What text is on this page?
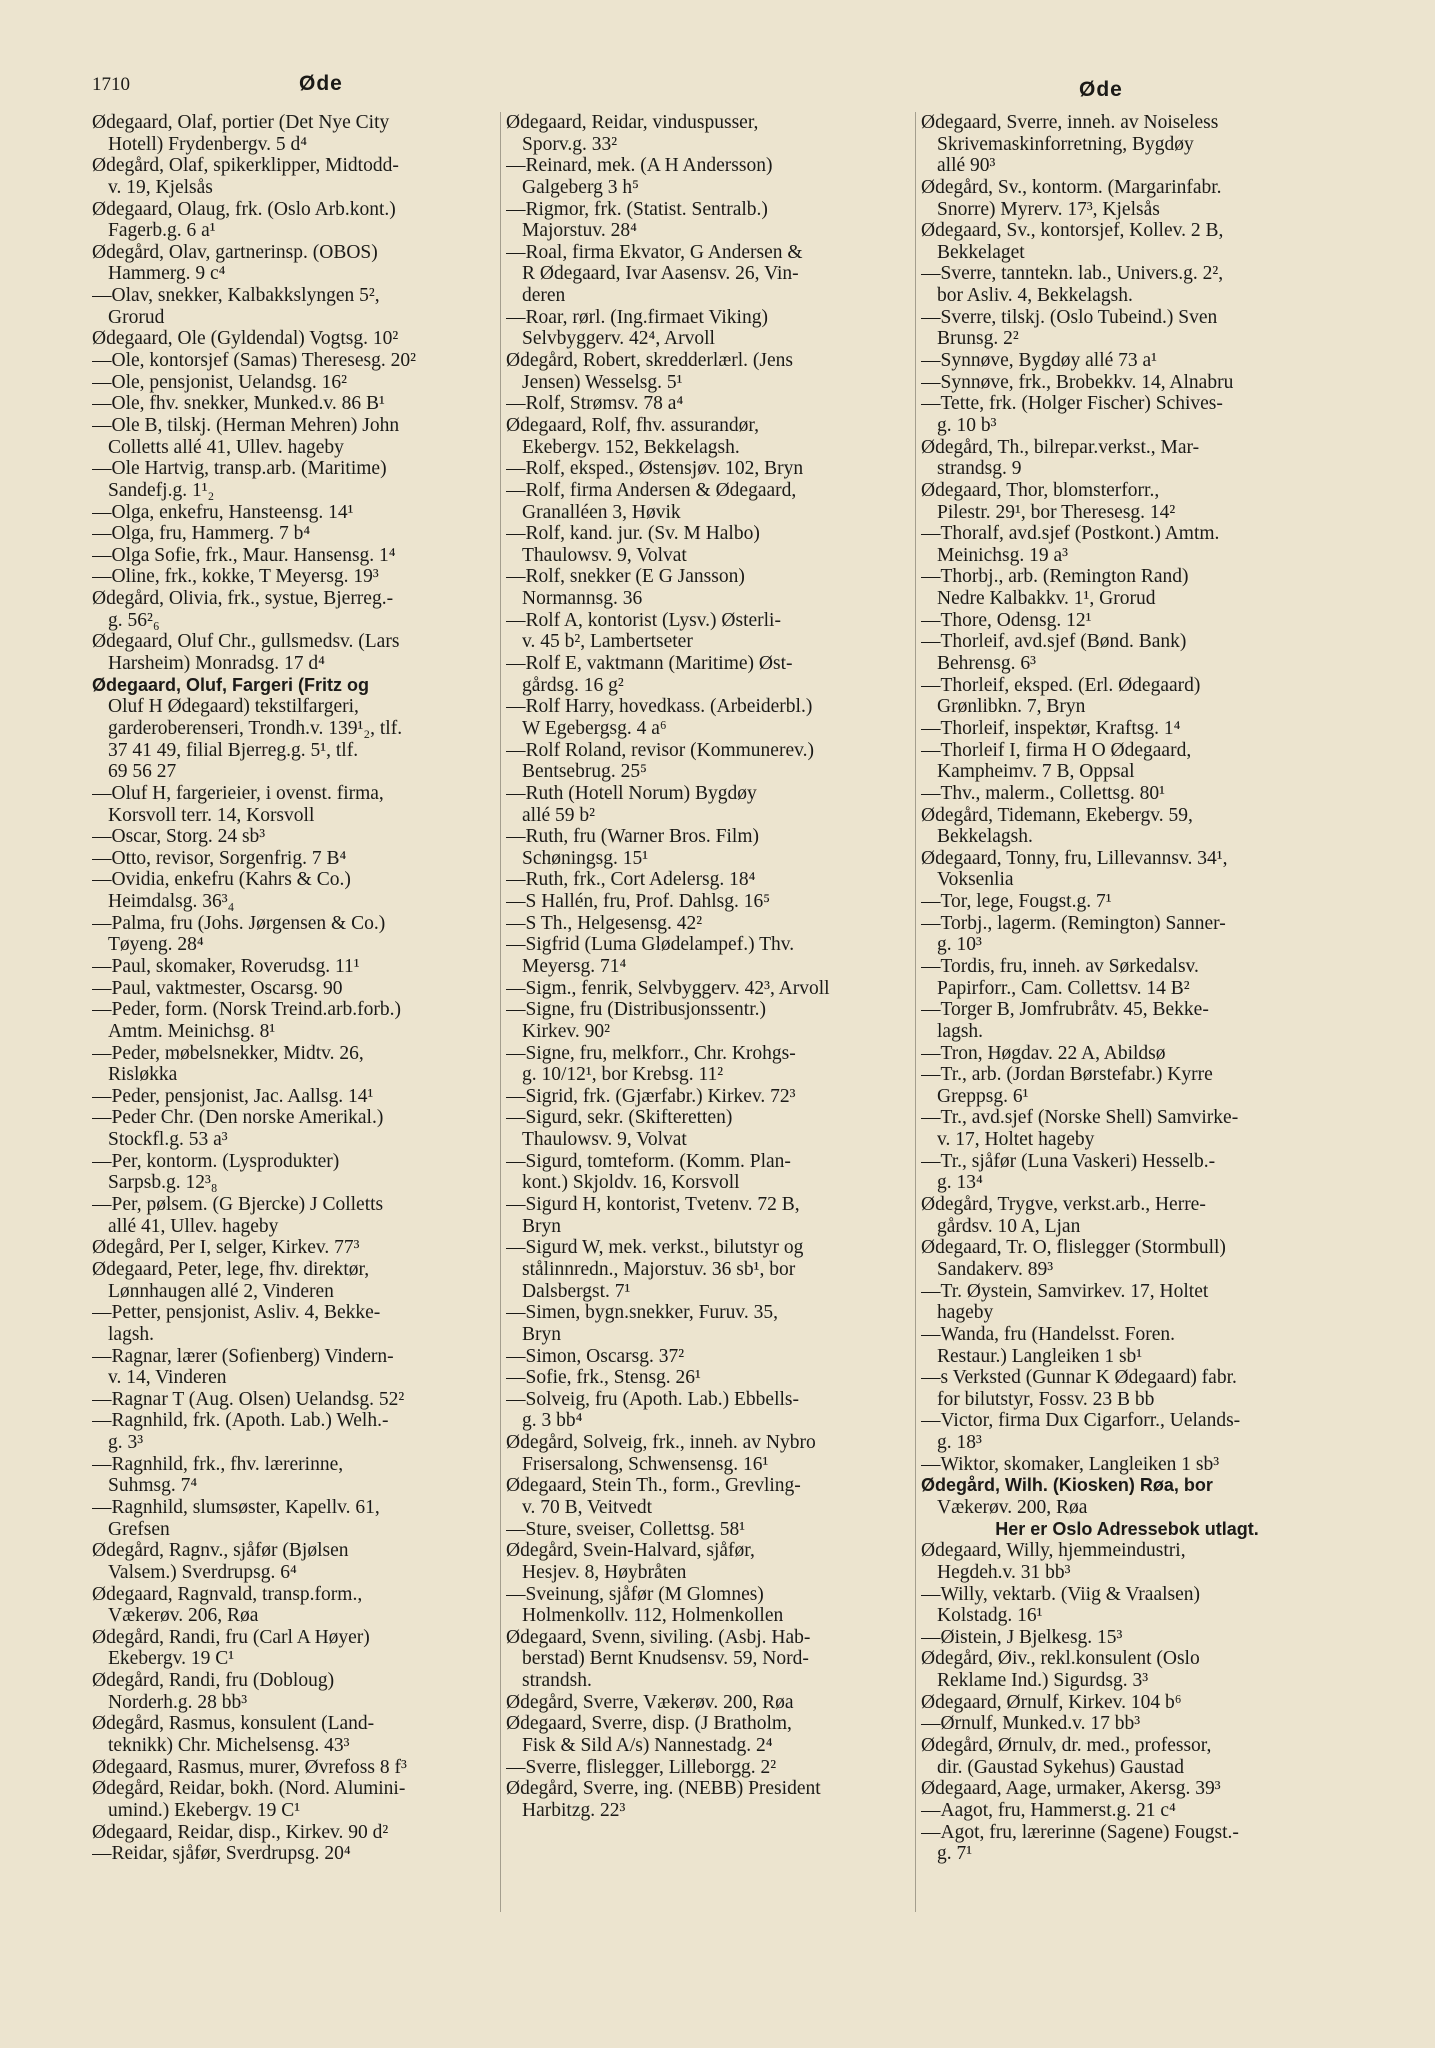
1710	Øde	Øde
Ødegaard, Olaf, portier (Det Nye City
Hotell) Frydenbergv. 5 d⁴
Ødegård, Olaf, spikerklipper, Midtodd-
v. 19, Kjelsås
Ødegaard, Olaug, frk. (Oslo Arb.kont.)
Fagerb.g. 6 a¹
Ødegård, Olav, gartnerinsp. (OBOS)
Hammerg. 9 c⁴
—Olav, snekker, Kalbakkslyngen 5²,
Grorud
Ødegaard, Ole (Gyldendal) Vogtsg. 10²
—Ole, kontorsjef (Samas) Theresesg. 20²
—Ole, pensjonist, Uelandsg. 16²
—Ole, fhv. snekker, Munked.v. 86 B¹
—Ole B, tilskj. (Herman Mehren) John
Colletts allé 41, Ullev. hageby
—Ole Hartvig, transp.arb. (Maritime)
Sandefj.g. 1¹₂
—Olga, enkefru, Hansteensg. 14¹
—Olga, fru, Hammerg. 7 b⁴
—Olga Sofie, frk., Maur. Hansensg. 1⁴
—Oline, frk., kokke, T Meyersg. 19³
Ødegård, Olivia, frk., systue, Bjerreg.-
g. 56²₆
Ødegaard, Oluf Chr., gullsmedsv. (Lars
Harsheim) Monradsg. 17 d⁴
Ødegaard, Oluf, Fargeri (Fritz og
Oluf H Ødegaard) tekstilfargeri,
garderoberenseri, Trondh.v. 139¹₂, tlf.
37 41 49, filial Bjerreg.g. 5¹, tlf.
69 56 27
—Oluf H, fargerieier, i ovenst. firma,
Korsvoll terr. 14, Korsvoll
—Oscar, Storg. 24 sb³
—Otto, revisor, Sorgenfrig. 7 B⁴
—Ovidia, enkefru (Kahrs & Co.)
Heimdalsg. 36³₄
—Palma, fru (Johs. Jørgensen & Co.)
Tøyeng. 28⁴
—Paul, skomaker, Roverudsg. 11¹
—Paul, vaktmester, Oscarsg. 90
—Peder, form. (Norsk Treind.arb.forb.)
Amtm. Meinichsg. 8¹
—Peder, møbelsnekker, Midtv. 26,
Risløkka
—Peder, pensjonist, Jac. Aallsg. 14¹
—Peder Chr. (Den norske Amerikal.)
Stockfl.g. 53 a³
—Per, kontorm. (Lysprodukter)
Sarpsb.g. 12³₈
—Per, pølsem. (G Bjercke) J Colletts
allé 41, Ullev. hageby
Ødegård, Per I, selger, Kirkev. 77³
Ødegaard, Peter, lege, fhv. direktør,
Lønnhaugen allé 2, Vinderen
—Petter, pensjonist, Asliv. 4, Bekke-
lagsh.
—Ragnar, lærer (Sofienberg) Vindern-
v. 14, Vinderen
—Ragnar T (Aug. Olsen) Uelandsg. 52²
—Ragnhild, frk. (Apoth. Lab.) Welh.-
g. 3³
—Ragnhild, frk., fhv. lærerinne,
Suhmsg. 7⁴
—Ragnhild, slumsøster, Kapellv. 61,
Grefsen
Ødegård, Ragnv., sjåfør (Bjølsen
Valsem.) Sverdrupsg. 6⁴
Ødegaard, Ragnvald, transp.form.,
Vækerøv. 206, Røa
Ødegård, Randi, fru (Carl A Høyer)
Ekebergv. 19 C¹
Ødegård, Randi, fru (Dobloug)
Norderh.g. 28 bb³
Ødegård, Rasmus, konsulent (Land-
teknikk) Chr. Michelsensg. 43³
Ødegaard, Rasmus, murer, Øvrefoss 8 f³
Ødegård, Reidar, bokh. (Nord. Alumini-
umind.) Ekebergv. 19 C¹
Ødegaard, Reidar, disp., Kirkev. 90 d²
—Reidar, sjåfør, Sverdrupsg. 20⁴
Ødegaard, Reidar, vinduspusser,
Sporv.g. 33²
—Reinard, mek. (A H Andersson)
Galgeberg 3 h⁵
—Rigmor, frk. (Statist. Sentralb.)
Majorstuv. 28⁴
—Roal, firma Ekvator, G Andersen &
R Ødegaard, Ivar Aasensv. 26, Vin-
deren
—Roar, rørl. (Ing.firmaet Viking)
Selvbyggerv. 42⁴, Arvoll
Ødegård, Robert, skredderlærl. (Jens
Jensen) Wesselsg. 5¹
—Rolf, Strømsv. 78 a⁴
Ødegaard, Rolf, fhv. assurandør,
Ekebergv. 152, Bekkelagsh.
—Rolf, eksped., Østensjøv. 102, Bryn
—Rolf, firma Andersen & Ødegaard,
Granalléen 3, Høvik
—Rolf, kand. jur. (Sv. M Halbo)
Thaulowsv. 9, Volvat
—Rolf, snekker (E G Jansson)
Normannsg. 36
—Rolf A, kontorist (Lysv.) Østerli-
v. 45 b², Lambertseter
—Rolf E, vaktmann (Maritime) Øst-
gårdsg. 16 g²
—Rolf Harry, hovedkass. (Arbeiderbl.)
W Egebergsg. 4 a⁶
—Rolf Roland, revisor (Kommunerev.)
Bentsebrug. 25⁵
—Ruth (Hotell Norum) Bygdøy
allé 59 b²
—Ruth, fru (Warner Bros. Film)
Schøningsg. 15¹
—Ruth, frk., Cort Adelersg. 18⁴
—S Hallén, fru, Prof. Dahlsg. 16⁵
—S Th., Helgesensg. 42²
—Sigfrid (Luma Glødelampef.) Thv.
Meyersg. 71⁴
—Sigm., fenrik, Selvbyggerv. 42³, Arvoll
—Signe, fru (Distribusjonssentr.)
Kirkev. 90²
—Signe, fru, melkforr., Chr. Krohgs-
g. 10/12¹, bor Krebsg. 11²
—Sigrid, frk. (Gjærfabr.) Kirkev. 72³
—Sigurd, sekr. (Skifteretten)
Thaulowsv. 9, Volvat
—Sigurd, tomteform. (Komm. Plan-
kont.) Skjoldv. 16, Korsvoll
—Sigurd H, kontorist, Tvetenv. 72 B,
Bryn
—Sigurd W, mek. verkst., bilutstyr og
stålinnredn., Majorstuv. 36 sb¹, bor
Dalsbergst. 7¹
—Simen, bygn.snekker, Furuv. 35,
Bryn
—Simon, Oscarsg. 37²
—Sofie, frk., Stensg. 26¹
—Solveig, fru (Apoth. Lab.) Ebbells-
g. 3 bb⁴
Ødegård, Solveig, frk., inneh. av Nybro
Frisersalong, Schwensensg. 16¹
Ødegaard, Stein Th., form., Grevling-
v. 70 B, Veitvedt
—Sture, sveiser, Collettsg. 58¹
Ødegård, Svein-Halvard, sjåfør,
Hesjev. 8, Høybråten
—Sveinung, sjåfør (M Glomnes)
Holmenkollv. 112, Holmenkollen
Ødegaard, Svenn, siviling. (Asbj. Hab-
berstad) Bernt Knudsensv. 59, Nord-
strandsh.
Ødegård, Sverre, Vækerøv. 200, Røa
Ødegaard, Sverre, disp. (J Bratholm,
Fisk & Sild A/s) Nannestadg. 2⁴
—Sverre, flislegger, Lilleborgg. 2²
Ødegård, Sverre, ing. (NEBB) President
Harbitzg. 22³
Ødegaard, Sverre, inneh. av Noiseless
Skrivemaskinforretning, Bygdøy
allé 90³
Ødegård, Sv., kontorm. (Margarinfabr.
Snorre) Myrerv. 17³, Kjelsås
Ødegaard, Sv., kontorsjef, Kollev. 2 B,
Bekkelaget
—Sverre, tanntekn. lab., Univers.g. 2²,
bor Asliv. 4, Bekkelagsh.
—Sverre, tilskj. (Oslo Tubeind.) Sven
Brunsg. 2²
—Synnøve, Bygdøy allé 73 a¹
—Synnøve, frk., Brobekkv. 14, Alnabru
—Tette, frk. (Holger Fischer) Schives-
g. 10 b³
Ødegård, Th., bilrepar.verkst., Mar-
strandsg. 9
Ødegaard, Thor, blomsterforr.,
Pilestr. 29¹, bor Theresesg. 14²
—Thoralf, avd.sjef (Postkont.) Amtm.
Meinichsg. 19 a³
—Thorbj., arb. (Remington Rand)
Nedre Kalbakkv. 1¹, Grorud
—Thore, Odensg. 12¹
—Thorleif, avd.sjef (Bønd. Bank)
Behrensg. 6³
—Thorleif, eksped. (Erl. Ødegaard)
Grønlibkn. 7, Bryn
—Thorleif, inspektør, Kraftsg. 1⁴
—Thorleif I, firma H O Ødegaard,
Kampheimv. 7 B, Oppsal
—Thv., malerm., Collettsg. 80¹
Ødegård, Tidemann, Ekebergv. 59,
Bekkelagsh.
Ødegaard, Tonny, fru, Lillevannsv. 34¹,
Voksenlia
—Tor, lege, Fougst.g. 7¹
—Torbj., lagerm. (Remington) Sanner-
g. 10³
—Tordis, fru, inneh. av Sørkedalsv.
Papirforr., Cam. Collettsv. 14 B²
—Torger B, Jomfrubråtv. 45, Bekke-
lagsh.
—Tron, Høgdav. 22 A, Abildsø
—Tr., arb. (Jordan Børstefabr.) Kyrre
Greppsg. 6¹
—Tr., avd.sjef (Norske Shell) Samvirke-
v. 17, Holtet hageby
—Tr., sjåfør (Luna Vaskeri) Hesselb.-
g. 13⁴
Ødegård, Trygve, verkst.arb., Herre-
gårdsv. 10 A, Ljan
Ødegaard, Tr. O, flislegger (Stormbull)
Sandakerv. 89³
—Tr. Øystein, Samvirkev. 17, Holtet
hageby
—Wanda, fru (Handelsst. Foren.
Restaur.) Langleiken 1 sb¹
—s Verksted (Gunnar K Ødegaard) fabr.
for bilutstyr, Fossv. 23 B bb
—Victor, firma Dux Cigarforr., Uelands-
g. 18³
—Wiktor, skomaker, Langleiken 1 sb³
Ødegård, Wilh. (Kiosken) Røa, bor
Vækerøv. 200, Røa
Her er Oslo Adressebok utlagt.
Ødegaard, Willy, hjemmeindustri,
Hegdeh.v. 31 bb³
—Willy, vektarb. (Viig & Vraalsen)
Kolstadg. 16¹
—Øistein, J Bjelkesg. 15³
Ødegård, Øiv., rekl.konsulent (Oslo
Reklame Ind.) Sigurdsg. 3³
Ødegaard, Ørnulf, Kirkev. 104 b⁶
—Ørnulf, Munked.v. 17 bb³
Ødegård, Ørnulv, dr. med., professor,
dir. (Gaustad Sykehus) Gaustad
Ødegaard, Aage, urmaker, Akersg. 39³
—Aagot, fru, Hammerst.g. 21 c⁴
—Agot, fru, lærerinne (Sagene) Fougst.-
g. 7¹
